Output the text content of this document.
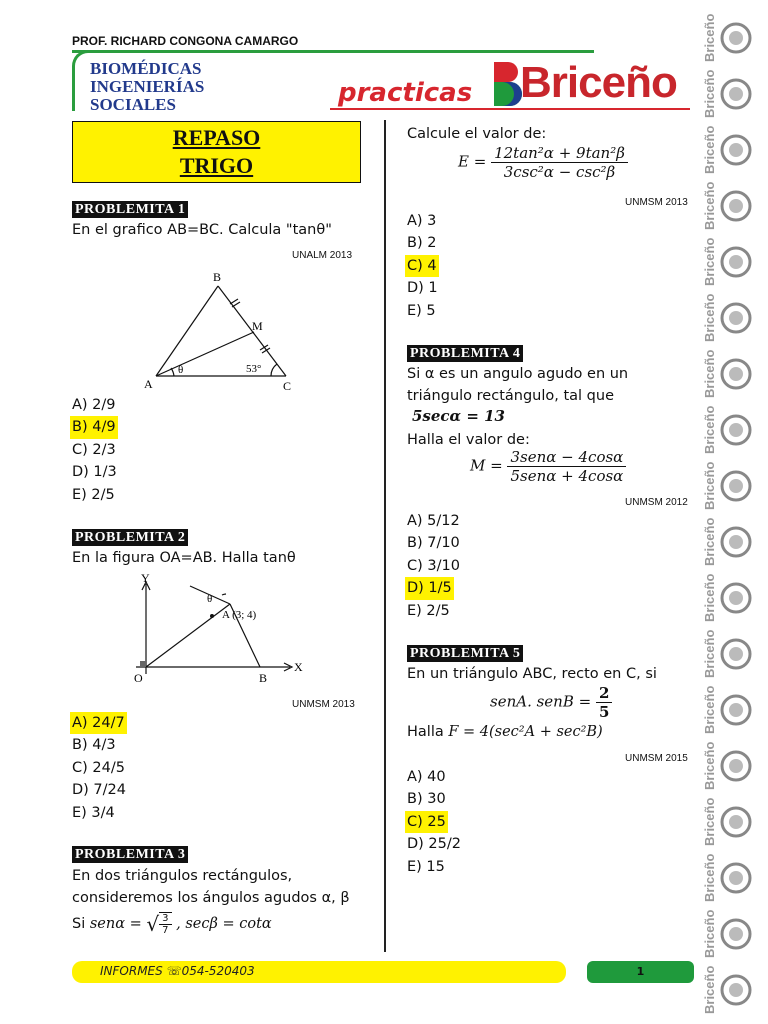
PROF. RICHARD CONGONA CAMARGO
BIOMÉDICAS
INGENIERÍAS
SOCIALES	practicas Briceño
REPASO
TRIGO
PROBLEMITA 1
En el grafico AB=BC. Calcula "tanθ"
UNALM 2013
B
M
A	C
θ	53°
A) 2/9
B) 4/9
C) 2/3
D) 1/3
E) 2/5
PROBLEMITA 2
En la figura OA=AB. Halla tanθ
Y
X
O	B
A (3; 4)
θ
UNMSM 2013
A) 24/7
B) 4/3
C) 24/5
D) 7/24
E) 3/4
PROBLEMITA 3
En dos triángulos rectángulos,
consideremos los ángulos agudos α, β
Si senα = √ $\frac{3}{7}$ , secβ = cotα
Calcule el valor de:
$E = \frac{\text{12tan²α + 9tan²β}}{\text{3csc²α − csc²β}}$
UNMSM 2013
A) 3
B) 2
C) 4
D) 1
E) 5
PROBLEMITA 4
Si α es un angulo agudo en un
triángulo rectángulo, tal que
5secα = 13
Halla el valor de:
$M = \frac{\text{3senα − 4cosα}}{\text{5senα + 4cosα}}$
UNMSM 2012
A) 5/12
B) 7/10
C) 3/10
D) 1/5
E) 2/5
PROBLEMITA 5
En un triángulo ABC, recto en C, si
senA. senB = $\frac{2}{5}$
Halla F = 4(sec²A + sec²B)
UNMSM 2015
A) 40
B) 30
C) 25
D) 25/2
E) 15
INFORMES ☏054-520403	1
Briceño
Briceño
Briceño
Briceño
Briceño
Briceño
Briceño
Briceño
Briceño
Briceño
Briceño
Briceño
Briceño
Briceño
Briceño
Briceño
Briceño
Briceño
